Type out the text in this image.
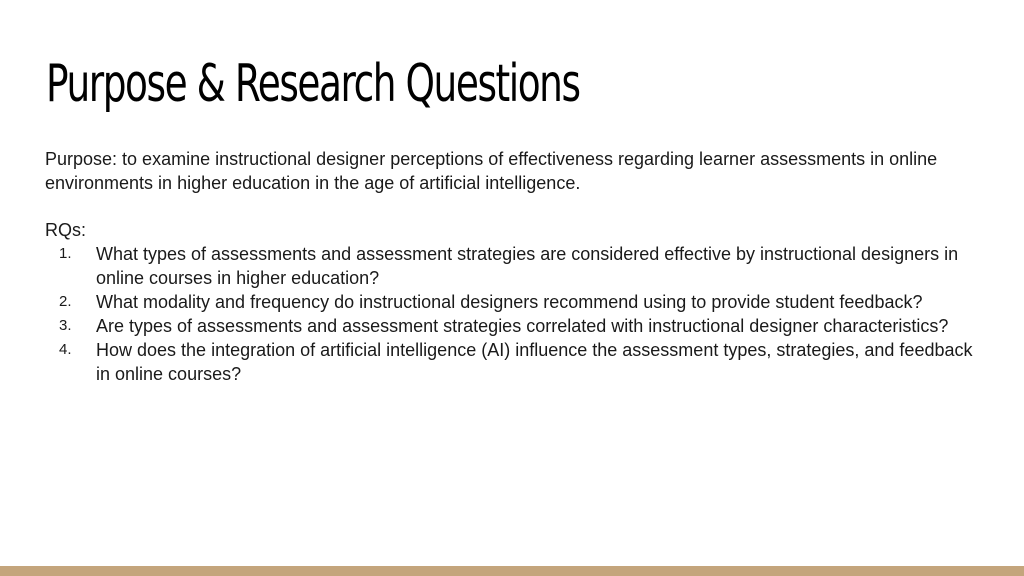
Purpose & Research Questions

Purpose: to examine instructional designer perceptions of effectiveness regarding learner assessments in online environments in higher education in the age of artificial intelligence.

RQs:

1. What types of assessments and assessment strategies are considered effective by instructional designers in online courses in higher education?
2. What modality and frequency do instructional designers recommend using to provide student feedback?
3. Are types of assessments and assessment strategies correlated with instructional designer characteristics?
4. How does the integration of artificial intelligence (AI) influence the assessment types, strategies, and feedback in online courses?
